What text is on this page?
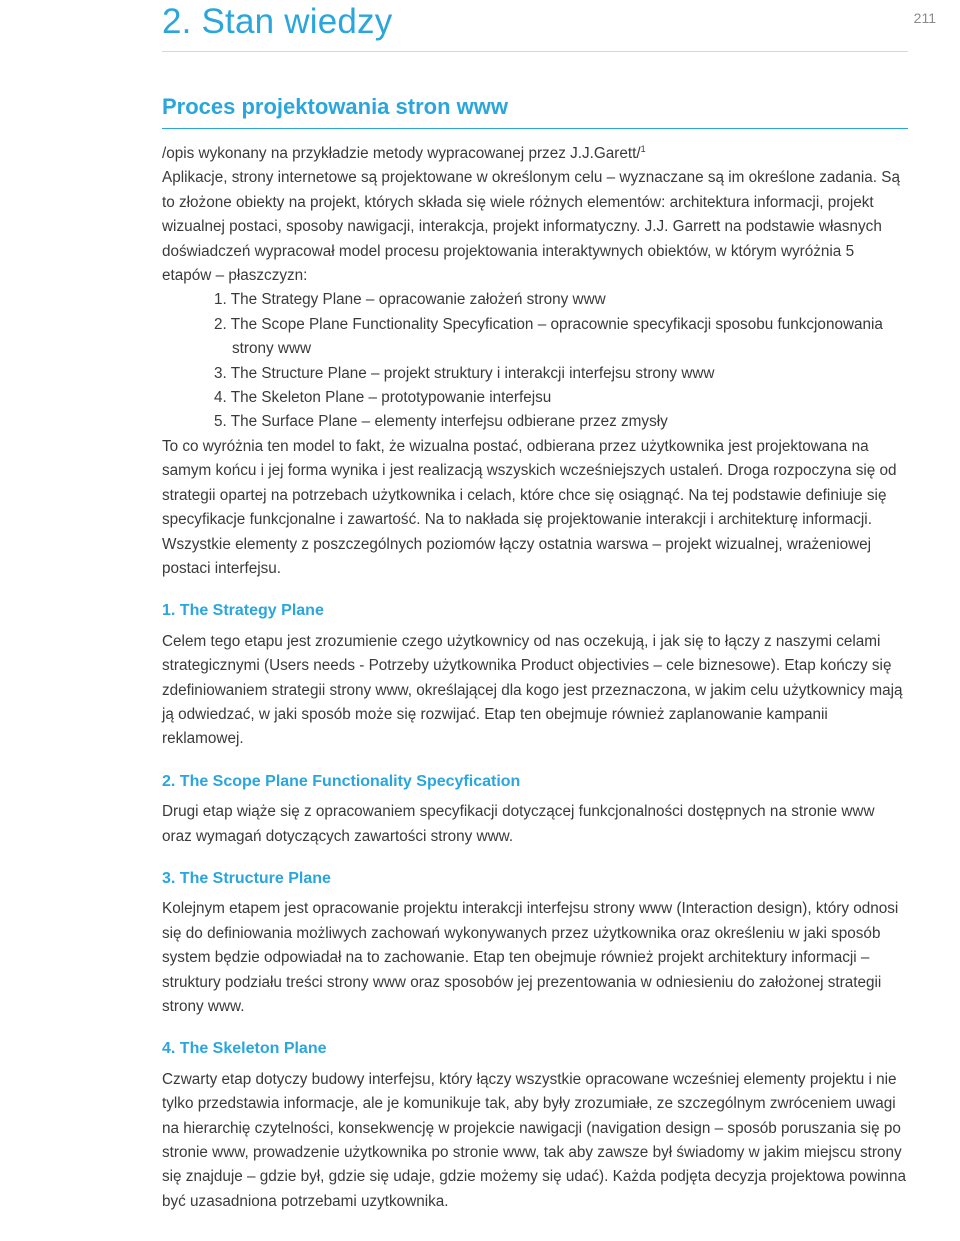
2. Stan wiedzy	211
Proces projektowania stron www

/opis wykonany na przykładzie metody wypracowanej przez J.J.Garett/$^1$

Aplikacje, strony internetowe są projektowane w określonym celu – wyznaczane są im określone zadania. Są to złożone obiekty na projekt, których składa się wiele różnych elementów: architektura informacji, projekt wizualnej postaci, sposoby nawigacji, interakcja, projekt informatyczny. J.J. Garrett na podstawie własnych doświadczeń wypracował model procesu projektowania interaktywnych obiektów, w którym wyróżnia 5 etapów – płaszczyzn:

1. The Strategy Plane – opracowanie założeń strony www
2. The Scope Plane Functionality Specyfication – opracownie specyfikacji sposobu funkcjonowania strony www
3. The Structure Plane – projekt struktury i interakcji interfejsu strony www
4. The Skeleton Plane – prototypowanie interfejsu
5. The Surface Plane – elementy interfejsu odbierane przez zmysły

To co wyróżnia ten model to fakt, że wizualna postać, odbierana przez użytkownika jest projektowana na samym końcu i jej forma wynika i jest realizacją wszyskich wcześniejszych ustaleń. Droga rozpoczyna się od strategii opartej na potrzebach użytkownika i celach, które chce się osiągnąć. Na tej podstawie definiuje się specyfikacje funkcjonalne i zawartość. Na to nakłada się projektowanie interakcji i architekturę informacji. Wszystkie elementy z poszczególnych poziomów łączy ostatnia warswa – projekt wizualnej, wrażeniowej postaci interfejsu.

1. The Strategy Plane

Celem tego etapu jest zrozumienie czego użytkownicy od nas oczekują, i jak się to łączy z naszymi celami strategicznymi (Users needs - Potrzeby użytkownika Product objectivies – cele biznesowe). Etap kończy się zdefiniowaniem strategii strony www, określającej dla kogo jest przeznaczona, w jakim celu użytkownicy mają ją odwiedzać, w jaki sposób może się rozwijać. Etap ten obejmuje również zaplanowanie kampanii reklamowej.

2. The Scope Plane Functionality Specyfication

Drugi etap wiąże się z opracowaniem specyfikacji dotyczącej funkcjonalności dostępnych na stronie www oraz wymagań dotyczących zawartości strony www.

3. The Structure Plane

Kolejnym etapem jest opracowanie projektu interakcji interfejsu strony www (Interaction design), który odnosi się do definiowania możliwych zachowań wykonywanych przez użytkownika oraz określeniu w jaki sposób system będzie odpowiadał na to zachowanie. Etap ten obejmuje również projekt architektury informacji – struktury podziału treści strony www oraz sposobów jej prezentowania w odniesieniu do założonej strategii strony www.

4. The Skeleton Plane

Czwarty etap dotyczy budowy interfejsu, który łączy wszystkie opracowane wcześniej elementy projektu i nie tylko przedstawia informacje, ale je komunikuje tak, aby były zrozumiałe, ze szczególnym zwróceniem uwagi na hierarchię czytelności, konsekwencję w projekcie nawigacji (navigation design – sposób poruszania się po stronie www, prowadzenie użytkownika po stronie www, tak aby zawsze był świadomy w jakim miejscu strony się znajduje – gdzie był, gdzie się udaje, gdzie możemy się udać). Każda podjęta decyzja projektowa powinna być uzasadniona potrzebami uzytkownika.
